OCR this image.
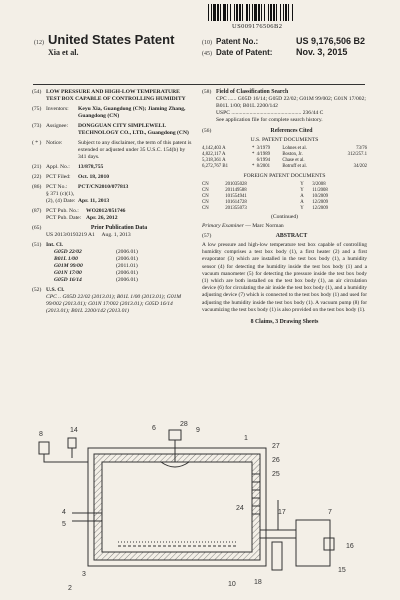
US009176506B2
(12) United States Patent
Xia et al.
(10) Patent No.:	US 9,176,506 B2
(45) Date of Patent:	Nov. 3, 2015
(54) LOW PRESSURE AND HIGH-LOW TEMPERATURE TEST BOX CAPABLE OF CONTROLLING HUMIDITY
(75) Inventors:	Keyu Xia, Guangdong (CN); Jiaming Zhang, Guangdong (CN)
(73) Assignee:	DONGGUAN CITY SIMPLEWELL TECHNOLOGY CO., LTD., Guangdong (CN)
( * ) Notice:	Subject to any disclaimer, the term of this patent is extended or adjusted under 35 U.S.C. 154(b) by 341 days.
(21) Appl. No.:	13/878,755
(22) PCT Filed:	Oct. 18, 2010
(86) PCT No.:	PCT/CN2010/077813
§ 371 (c)(1),
(2), (4) Date: Apr. 11, 2013
(87) PCT Pub. No.:	WO2012/051746
PCT Pub. Date: Apr. 26, 2012
(65)	Prior Publication Data
US 2013/0193219 A1     Aug. 1, 2013
(51) Int. Cl.
G05D 22/02	(2006.01)
B01L 1/00	(2006.01)
G01M 99/00	(2011.01)
G01N 17/00	(2006.01)
G05D 16/14	(2006.01)
(52) U.S. Cl.
CPC .. G05D 22/02 (2013.01); B01L 1/00 (2013.01); G01M 99/002 (2013.01); G01N 17/002 (2013.01); G05D 16/14 (2013.01); B01L 2200/142 (2013.01)
(58) Field of Classification Search
CPC ...... G05D 16/14; G05D 22/02; G01M 99/002; G01N 17/002; B01L 1/00; B01L 2200/142
USPC .................................................. 236/44 C
See application file for complete search history.
(56)	References Cited
U.S. PATENT DOCUMENTS
4,142,403 A	*	3/1979	Lohnes et al.	73/76
4,822,117 A	*	4/1989	Boston, Jr.	312/257.1
5,318,361 A		6/1994	Chase et al.	
6,272,767 B1	*	8/2001	Botruff et al.	34/202
FOREIGN PATENT DOCUMENTS
CN	201035028	Y	3/2008
CN	201149588	Y	11/2008
CN	101554941	A	10/2009
CN	101614728	A	12/2009
CN	201355073	Y	12/2009
(Continued)
Primary Examiner — Marc Norman
(57)	ABSTRACT
A low pressure and high-low temperature test box capable of controlling humidity comprises a test box body (1), a first heater (2) and a first evaporator (3) which are installed in the test box body (1), a humidity sensor (4) for detecting the humidity inside the test box body (1) and a vacuum manometer (5) for detecting the pressure inside the test box body (1) which are both installed on the test box body (1), an air circulation device (6) for circulating the air inside the test box body (1), and a humidity adjusting device (7) which is connected to the test box body (1) and used for adjusting the humidity inside the test box body (1). A vacuum pump (8) for vacuumizing the test box body (1) is also provided on the test box body (1).
8 Claims, 3 Drawing Sheets
8
14	6
28
9
1
27
26
25
4
5
24
17	7
16
15
18
10
3
2
